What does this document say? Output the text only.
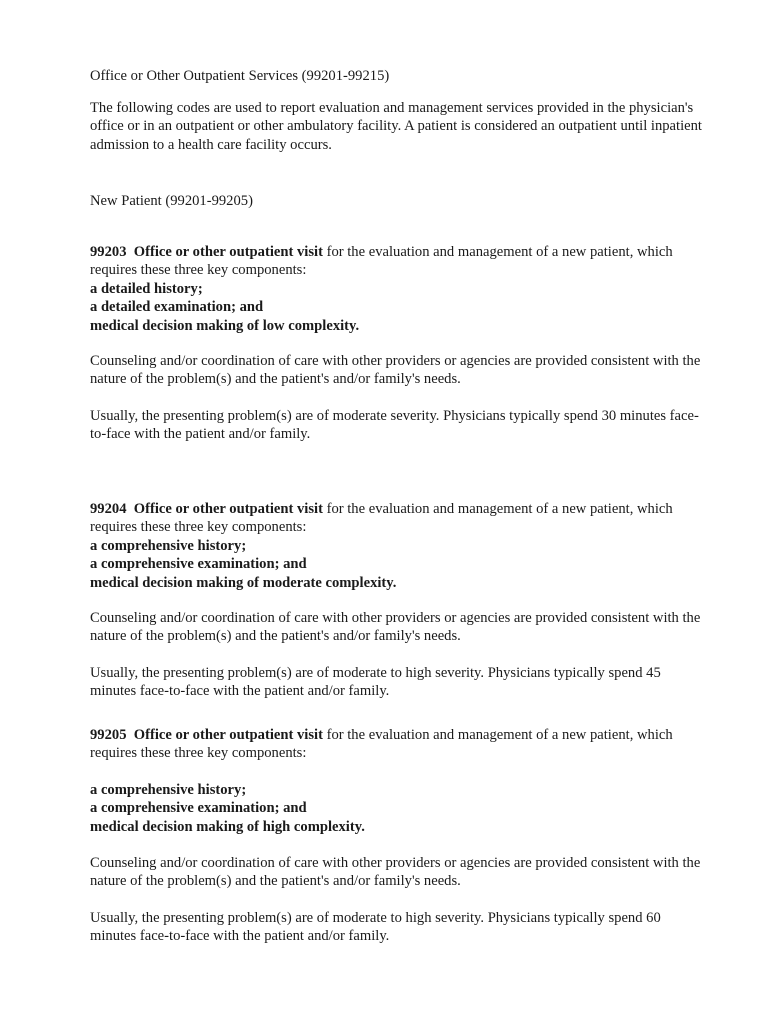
Office or Other Outpatient Services (99201-99215)

The following codes are used to report evaluation and management services provided in the physician's office or in an outpatient or other ambulatory facility. A patient is considered an outpatient until inpatient admission to a health care facility occurs.

New Patient (99201-99205)

99203 Office or other outpatient visit for the evaluation and management of a new patient, which requires these three key components:

a detailed history;
a detailed examination; and
medical decision making of low complexity.

Counseling and/or coordination of care with other providers or agencies are provided consistent with the nature of the problem(s) and the patient's and/or family's needs.

Usually, the presenting problem(s) are of moderate severity. Physicians typically spend 30 minutes face-to-face with the patient and/or family.

99204 Office or other outpatient visit for the evaluation and management of a new patient, which requires these three key components:

a comprehensive history;
a comprehensive examination; and
medical decision making of moderate complexity.

Counseling and/or coordination of care with other providers or agencies are provided consistent with the nature of the problem(s) and the patient's and/or family's needs.

Usually, the presenting problem(s) are of moderate to high severity. Physicians typically spend 45 minutes face-to-face with the patient and/or family.

99205 Office or other outpatient visit for the evaluation and management of a new patient, which requires these three key components:

a comprehensive history;
a comprehensive examination; and
medical decision making of high complexity.

Counseling and/or coordination of care with other providers or agencies are provided consistent with the nature of the problem(s) and the patient's and/or family's needs.

Usually, the presenting problem(s) are of moderate to high severity. Physicians typically spend 60 minutes face-to-face with the patient and/or family.
